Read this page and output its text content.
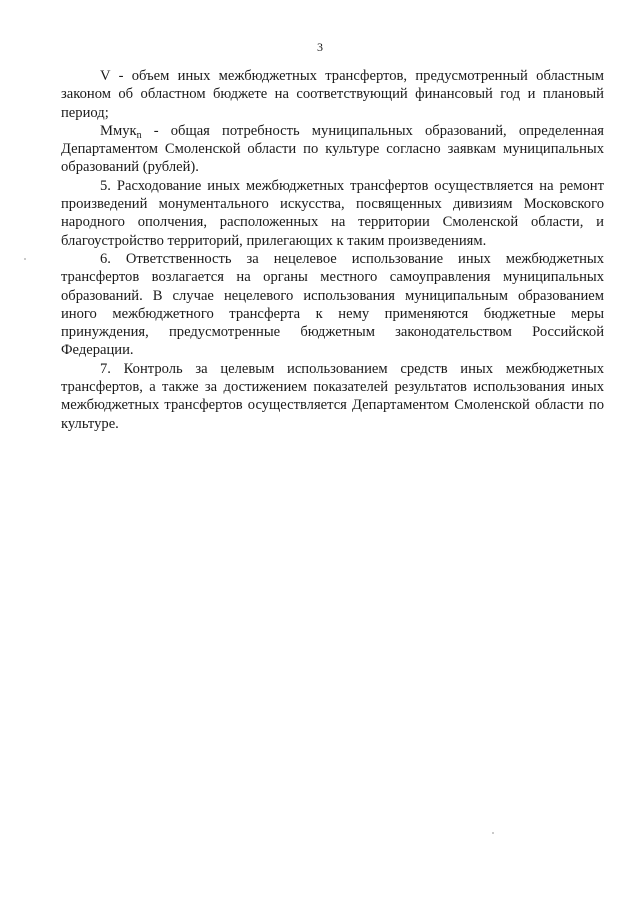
3

V - объем иных межбюджетных трансфертов, предусмотренный областным законом об областном бюджете на соответствующий финансовый год и плановый период;

Ммук$_n$ - общая потребность муниципальных образований, определенная Департаментом Смоленской области по культуре согласно заявкам муниципальных образований (рублей).

5. Расходование иных межбюджетных трансфертов осуществляется на ремонт произведений монументального искусства, посвященных дивизиям Московского народного ополчения, расположенных на территории Смоленской области, и благоустройство территорий, прилегающих к таким произведениям.

6. Ответственность за нецелевое использование иных межбюджетных трансфертов возлагается на органы местного самоуправления муниципальных образований. В случае нецелевого использования муниципальным образованием иного межбюджетного трансферта к нему применяются бюджетные меры принуждения, предусмотренные бюджетным законодательством Российской Федерации.

7. Контроль за целевым использованием средств иных межбюджетных трансфертов, а также за достижением показателей результатов использования иных межбюджетных трансфертов осуществляется Департаментом Смоленской области по культуре.
